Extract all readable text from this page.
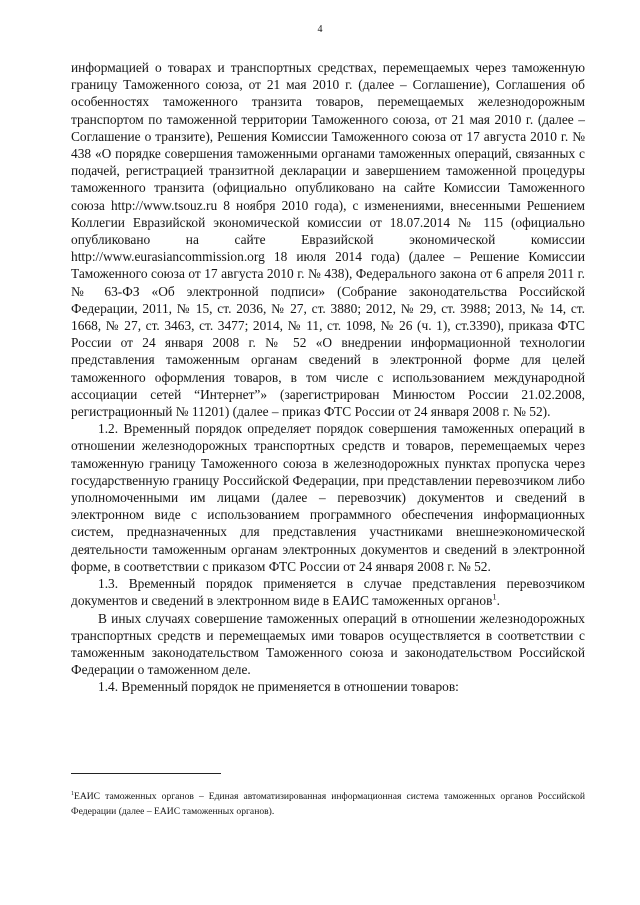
4

информацией о товарах и транспортных средствах, перемещаемых через таможенную границу Таможенного союза, от 21 мая 2010 г. (далее – Соглашение), Соглашения об особенностях таможенного транзита товаров, перемещаемых железнодорожным транспортом по таможенной территории Таможенного союза, от 21 мая 2010 г. (далее – Соглашение о транзите), Решения Комиссии Таможенного союза от 17 августа 2010 г. № 438 «О порядке совершения таможенными органами таможенных операций, связанных с подачей, регистрацией транзитной декларации и завершением таможенной процедуры таможенного транзита (официально опубликовано на сайте Комиссии Таможенного союза http://www.tsouz.ru 8 ноября 2010 года), с изменениями, внесенными Решением Коллегии Евразийской экономической комиссии от 18.07.2014 № 115 (официально опубликовано на сайте Евразийской экономической комиссии http://www.eurasiancommission.org 18 июля 2014 года) (далее – Решение Комиссии Таможенного союза от 17 августа 2010 г. № 438), Федерального закона от 6 апреля 2011 г. № 63-ФЗ «Об электронной подписи» (Собрание законодательства Российской Федерации, 2011, № 15, ст. 2036, № 27, ст. 3880; 2012, № 29, ст. 3988; 2013, № 14, ст. 1668, № 27, ст. 3463, ст. 3477; 2014, № 11, ст. 1098, № 26 (ч. 1), ст.3390), приказа ФТС России от 24 января 2008 г. № 52 «О внедрении информационной технологии представления таможенным органам сведений в электронной форме для целей таможенного оформления товаров, в том числе с использованием международной ассоциации сетей “Интернет”» (зарегистрирован Минюстом России 21.02.2008, регистрационный № 11201) (далее – приказ ФТС России от 24 января 2008 г. № 52).

1.2. Временный порядок определяет порядок совершения таможенных операций в отношении железнодорожных транспортных средств и товаров, перемещаемых через таможенную границу Таможенного союза в железнодорожных пунктах пропуска через государственную границу Российской Федерации, при представлении перевозчиком либо уполномоченными им лицами (далее – перевозчик) документов и сведений в электронном виде с использованием программного обеспечения информационных систем, предназначенных для представления участниками внешнеэкономической деятельности таможенным органам электронных документов и сведений в электронной форме, в соответствии с приказом ФТС России от 24 января 2008 г. № 52.

1.3. Временный порядок применяется в случае представления перевозчиком документов и сведений в электронном виде в ЕАИС таможенных органов$^1$.

В иных случаях совершение таможенных операций в отношении железнодорожных транспортных средств и перемещаемых ими товаров осуществляется в соответствии с таможенным законодательством Таможенного союза и законодательством Российской Федерации о таможенном деле.

1.4. Временный порядок не применяется в отношении товаров:

$^1$ЕАИС таможенных органов – Единая автоматизированная информационная система таможенных органов Российской Федерации (далее – ЕАИС таможенных органов).
